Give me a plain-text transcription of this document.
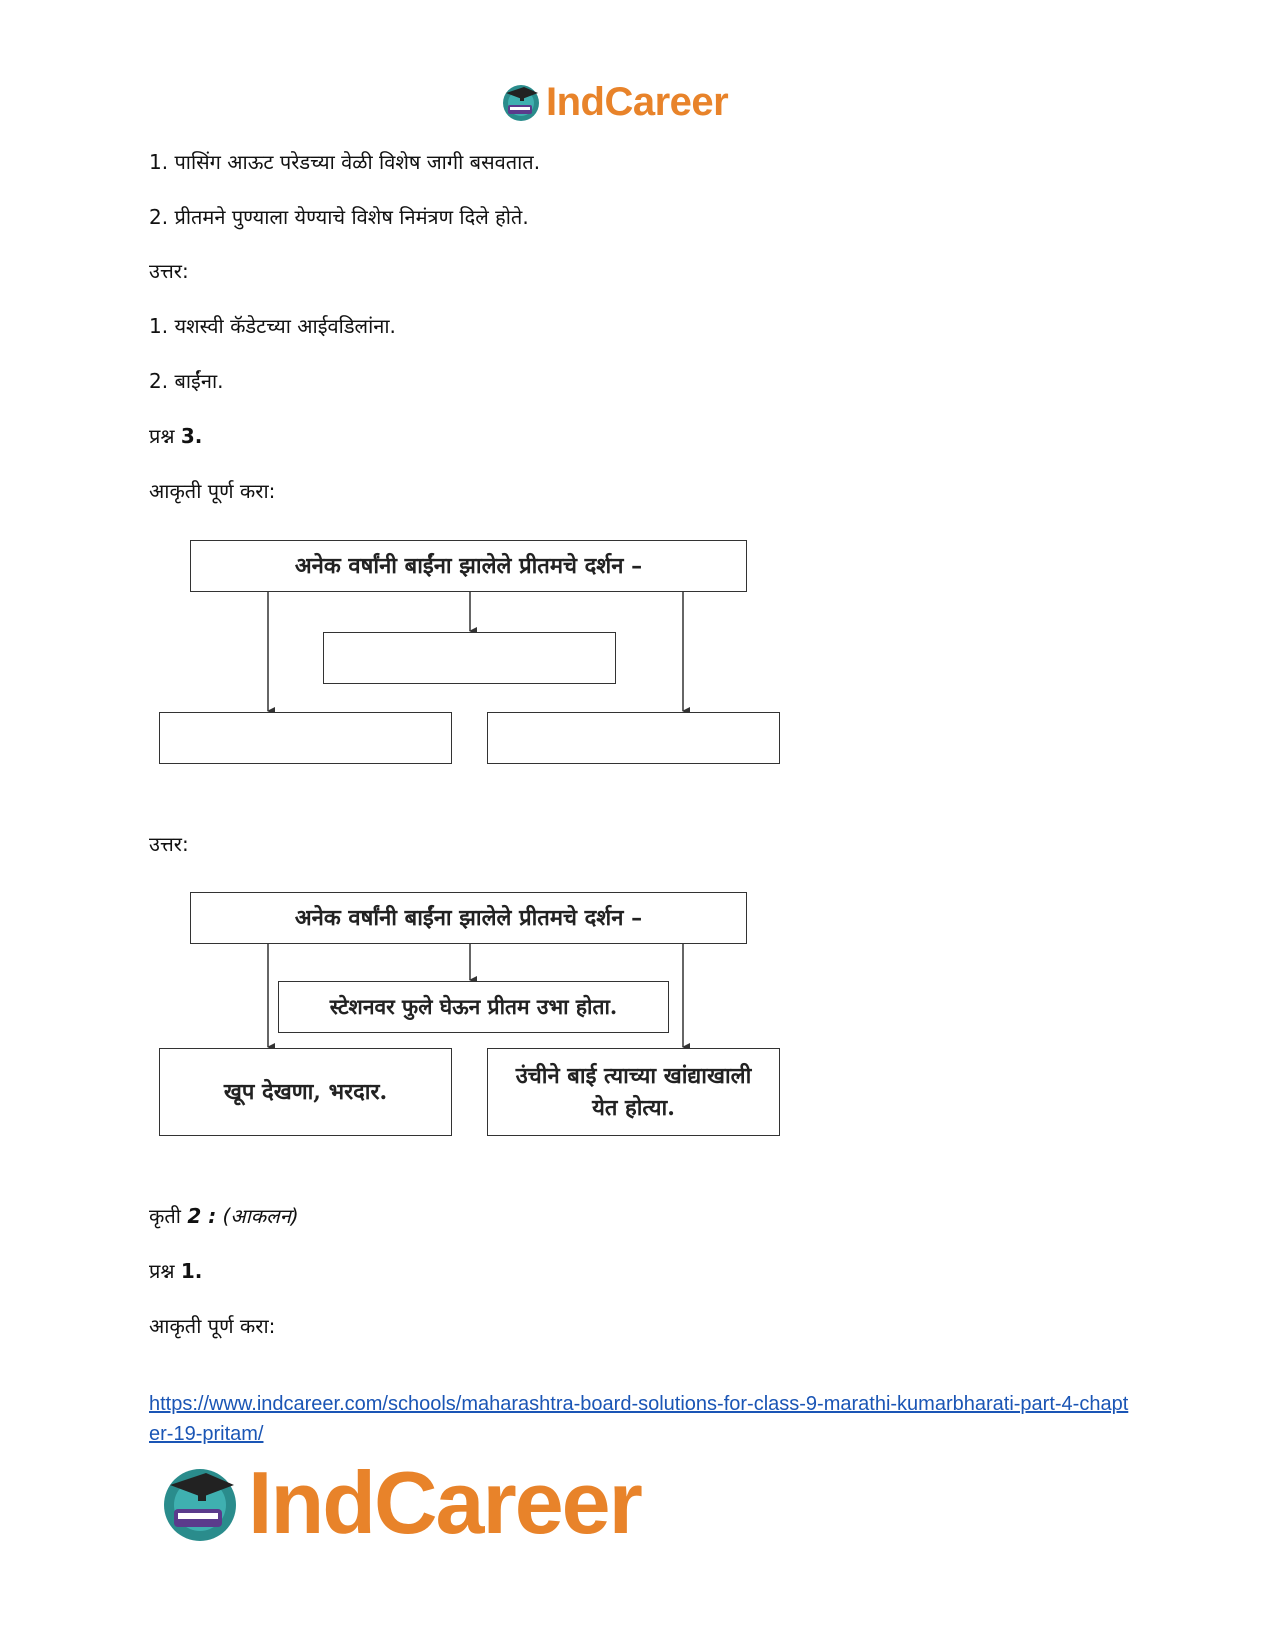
IndCareer
1. पासिंग आऊट परेडच्या वेळी विशेष जागी बसवतात.
2. प्रीतमने पुण्याला येण्याचे विशेष निमंत्रण दिले होते.
उत्तर:
1. यशस्वी कॅडेटच्या आईवडिलांना.
2. बाईंना.
प्रश्न 3.
आकृती पूर्ण करा:
अनेक वर्षांनी बाईंना झालेले प्रीतमचे दर्शन –
उत्तर:
अनेक वर्षांनी बाईंना झालेले प्रीतमचे दर्शन –
स्टेशनवर फुले घेऊन प्रीतम उभा होता.
खूप देखणा, भरदार.
उंचीने बाई त्याच्या खांद्याखाली येत होत्या.
कृती 2 : (आकलन)
प्रश्न 1.
आकृती पूर्ण करा:
https://www.indcareer.com/schools/maharashtra-board-solutions-for-class-9-marathi-kumarbharati-part-4-chapter-19-pritam/
IndCareer
